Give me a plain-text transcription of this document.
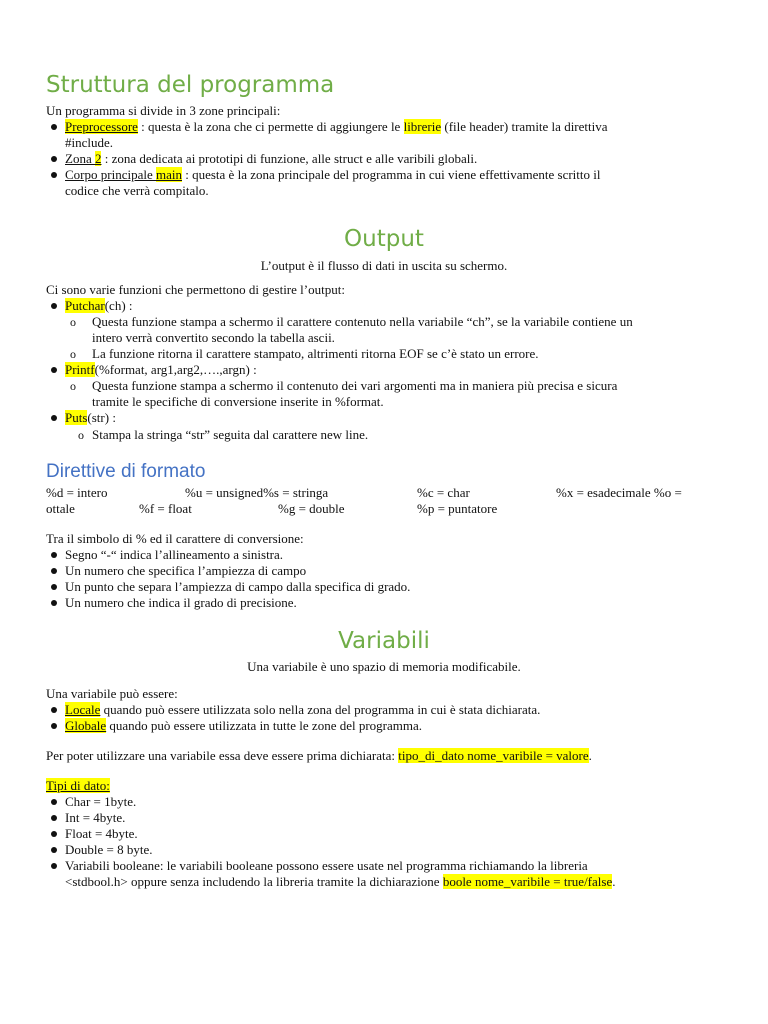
Struttura del programma
Un programma si divide in 3 zone principali:
Preprocessore : questa è la zona che ci permette di aggiungere le librerie (file header) tramite la direttiva
#include.
Zona 2 : zona dedicata ai prototipi di funzione, alle struct e alle varibili globali.
Corpo principale main : questa è la zona principale del programma in cui viene effettivamente scritto il
codice che verrà compitalo.
Output
L’output è il flusso di dati in uscita su schermo.
Ci sono varie funzioni che permettono di gestire l’output:
Putchar(ch) :
o Questa funzione stampa a schermo il carattere contenuto nella variabile “ch”, se la variabile contiene un
intero verrà convertito secondo la tabella ascii.
o La funzione ritorna il carattere stampato, altrimenti ritorna EOF se c’è stato un errore.
Printf(%format, arg1,arg2,….,argn) :
o Questa funzione stampa a schermo il contenuto dei vari argomenti ma in maniera più precisa e sicura
tramite le specifiche di conversione inserite in %format.
Puts(str) :
o Stampa la stringa “str” seguita dal carattere new line.
Direttive di formato
%d = intero	%u = unsigned%s = stringa	%c = char	%x = esadecimale %o =
ottale	%f = float	%g = double	%p = puntatore
Tra il simbolo di % ed il carattere di conversione:
Segno “-“ indica l’allineamento a sinistra.
Un numero che specifica l’ampiezza di campo
Un punto che separa l’ampiezza di campo dalla specifica di grado.
Un numero che indica il grado di precisione.
Variabili
Una variabile è uno spazio di memoria modificabile.
Una variabile può essere:
Locale quando può essere utilizzata solo nella zona del programma in cui è stata dichiarata.
Globale quando può essere utilizzata in tutte le zone del programma.
Per poter utilizzare una variabile essa deve essere prima dichiarata: tipo_di_dato nome_varibile = valore.
Tipi di dato:
Char = 1byte.
Int = 4byte.
Float = 4byte.
Double = 8 byte.
Variabili booleane: le variabili booleane possono essere usate nel programma richiamando la libreria
<stdbool.h> oppure senza includendo la libreria tramite la dichiarazione boole nome_varibile = true/false.
